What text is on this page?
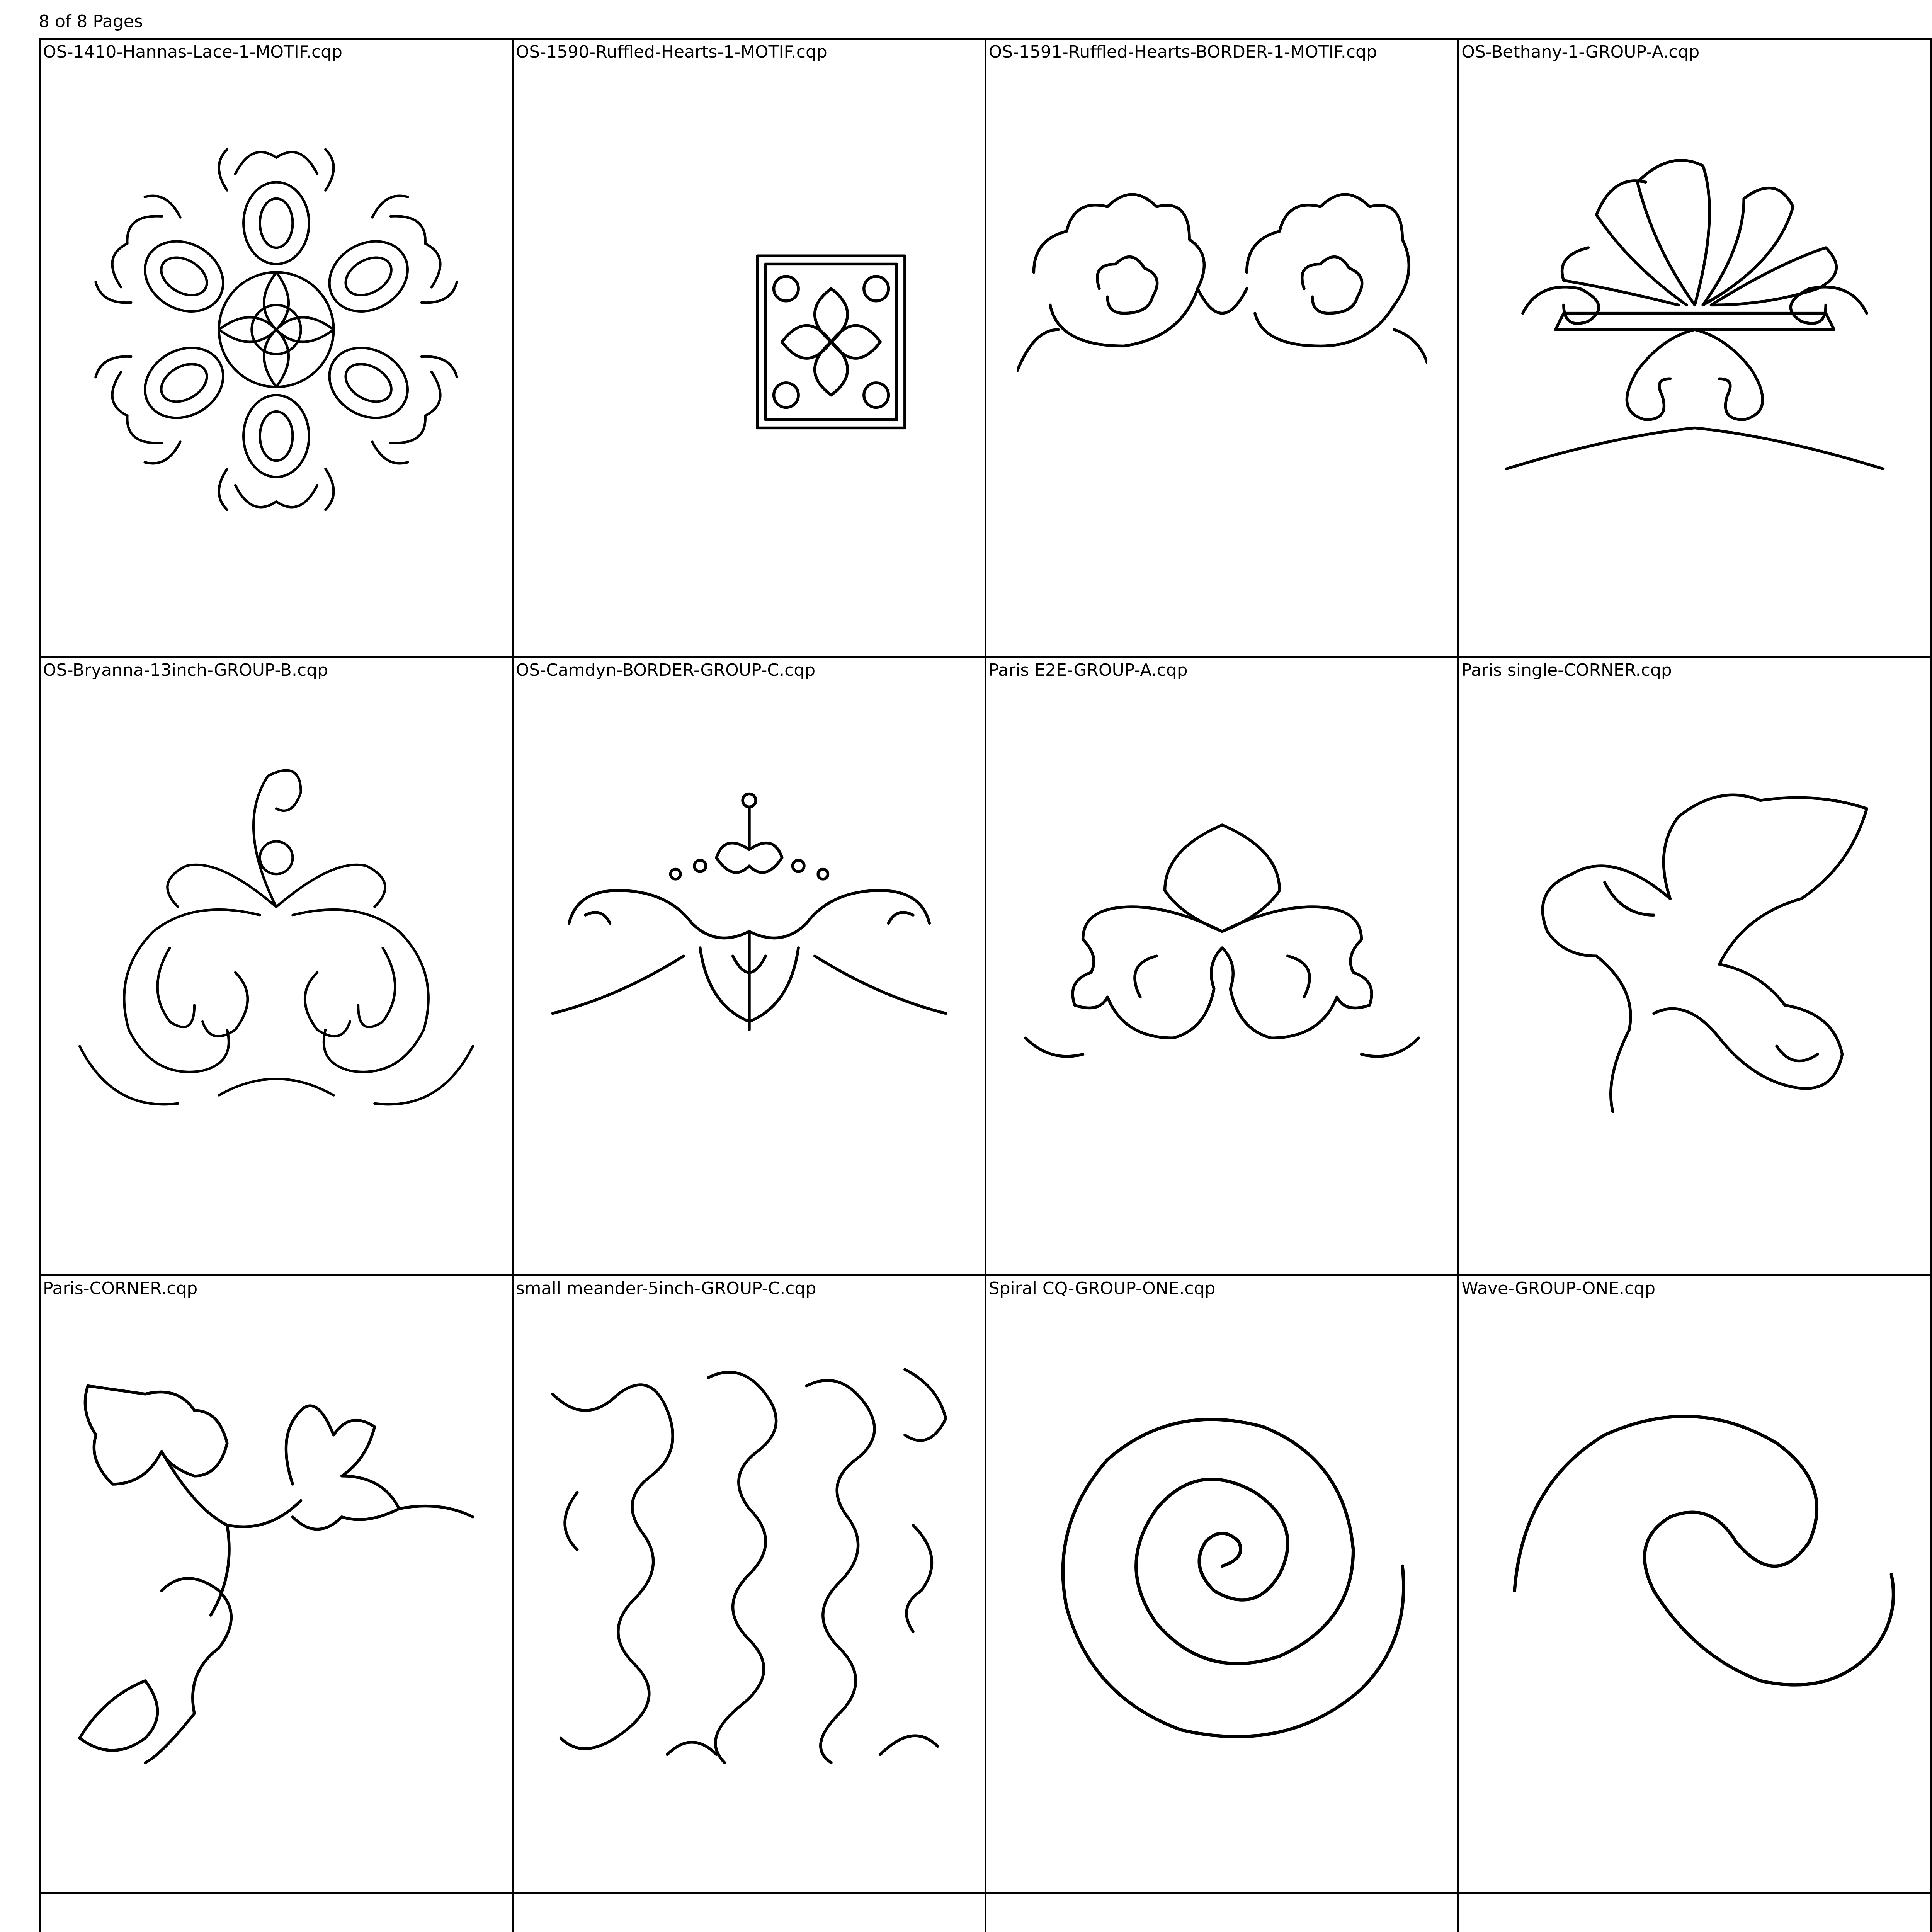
8 of 8 Pages
OS-1410-Hannas-Lace-1-MOTIF.cqp	OS-1590-Ruffled-Hearts-1-MOTIF.cqp	OS-1591-Ruffled-Hearts-BORDER-1-MOTIF.cqp	OS-Bethany-1-GROUP-A.cqp
OS-Bryanna-13inch-GROUP-B.cqp	OS-Camdyn-BORDER-GROUP-C.cqp	Paris E2E-GROUP-A.cqp	Paris single-CORNER.cqp
Paris-CORNER.cqp	small meander-5inch-GROUP-C.cqp	Spiral CQ-GROUP-ONE.cqp	Wave-GROUP-ONE.cqp
